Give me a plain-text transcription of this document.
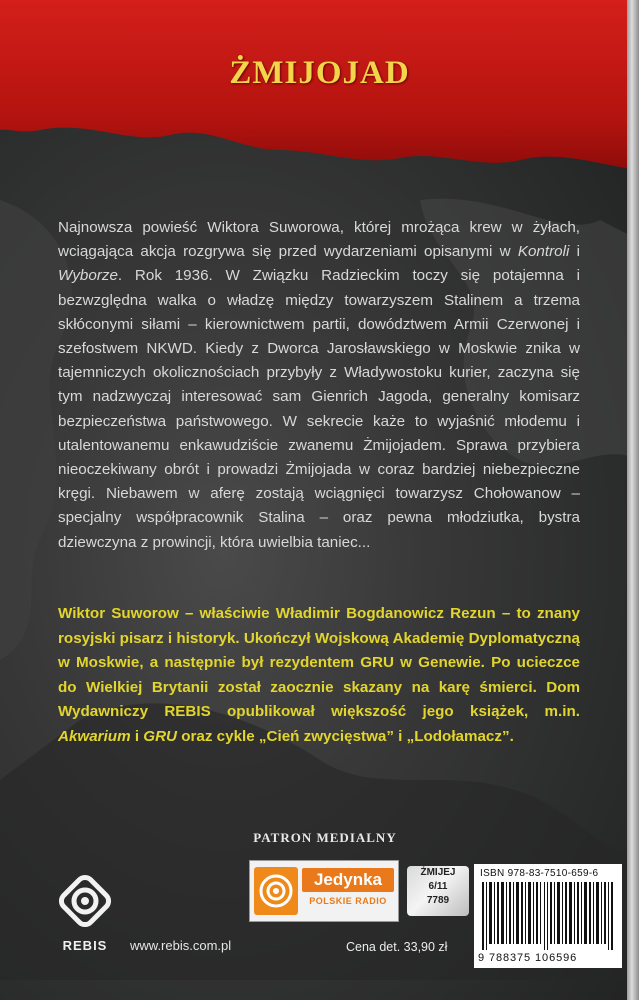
ŻMIJOJAD
Najnowsza powieść Wiktora Suworowa, której mrożąca krew w żyłach, wciągająca akcja rozgrywa się przed wydarzeniami opisanymi w Kontroli i Wyborze. Rok 1936. W Związku Radzieckim toczy się potajemna i bezwzględna walka o władzę między towarzyszem Stalinem a trzema skłóconymi siłami – kierownictwem partii, dowództwem Armii Czerwonej i szefostwem NKWD. Kiedy z Dworca Jarosławskiego w Moskwie znika w tajemniczych okolicznościach przybyły z Władywostoku kurier, zaczyna się tym nadzwyczaj interesować sam Gienrich Jagoda, generalny komisarz bezpieczeństwa państwowego. W sekrecie każe to wyjaśnić młodemu i utalentowanemu enkawudziście zwanemu Żmijojadem. Sprawa przybiera nieoczekiwany obrót i prowadzi Żmijojada w coraz bardziej niebezpieczne kręgi. Niebawem w aferę zostają wciągnięci towarzysz Chołowanow – specjalny współpracownik Stalina – oraz pewna młodziutka, bystra dziewczyna z prowincji, która uwielbia taniec...
Wiktor Suworow – właściwie Władimir Bogdanowicz Rezun – to znany rosyjski pisarz i historyk. Ukończył Wojskową Akademię Dyplomatyczną w Moskwie, a następnie był rezydentem GRU w Genewie. Po ucieczce do Wielkiej Brytanii został zaocznie skazany na karę śmierci. Dom Wydawniczy REBIS opublikował większość jego książek, m.in. Akwarium i GRU oraz cykle „Cień zwycięstwa” i „Lodołamacz”.
PATRON MEDIALNY
REBIS	www.rebis.com.pl
Jedynka
POLSKIE RADIO
ŻMIJEJ
6/11
7789
ISBN 978-83-7510-659-6
9 788375 106596
Cena det. 33,90 zł
